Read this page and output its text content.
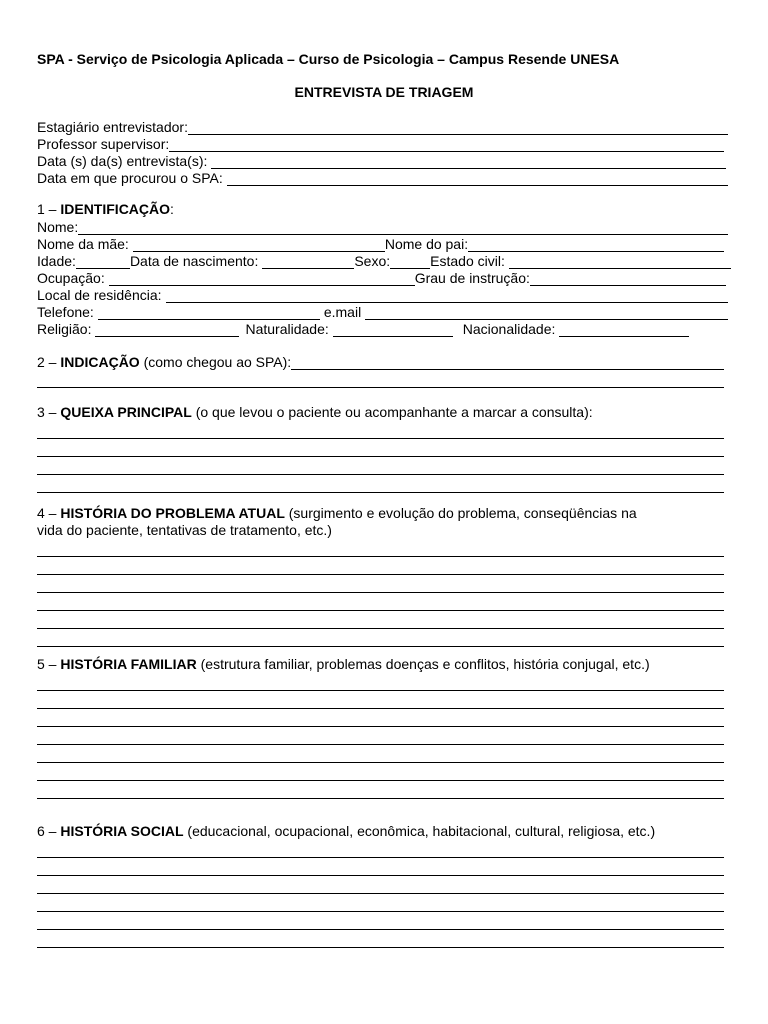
SPA - Serviço de Psicologia Aplicada – Curso de Psicologia – Campus Resende UNESA
ENTREVISTA DE TRIAGEM
Estagiário entrevistador:
Professor supervisor:
Data (s) da(s) entrevista(s):
Data em que procurou o SPA:
1 – IDENTIFICAÇÃO:
Nome:
Nome da mãe:	Nome do pai:
Idade:	Data de nascimento:	Sexo:	Estado civil:
Ocupação:	Grau de instrução:
Local de residência:
Telefone:	e.mail
Religião:	Naturalidade:	Nacionalidade:
2 – INDICAÇÃO (como chegou ao SPA):
3 – QUEIXA PRINCIPAL (o que levou o paciente ou acompanhante a marcar a consulta):
4 – HISTÓRIA DO PROBLEMA ATUAL (surgimento e evolução do problema, conseqüências na
vida do paciente, tentativas de tratamento, etc.)
5 – HISTÓRIA FAMILIAR (estrutura familiar, problemas doenças e conflitos, história conjugal, etc.)
6 – HISTÓRIA SOCIAL (educacional, ocupacional, econômica, habitacional, cultural, religiosa, etc.)
